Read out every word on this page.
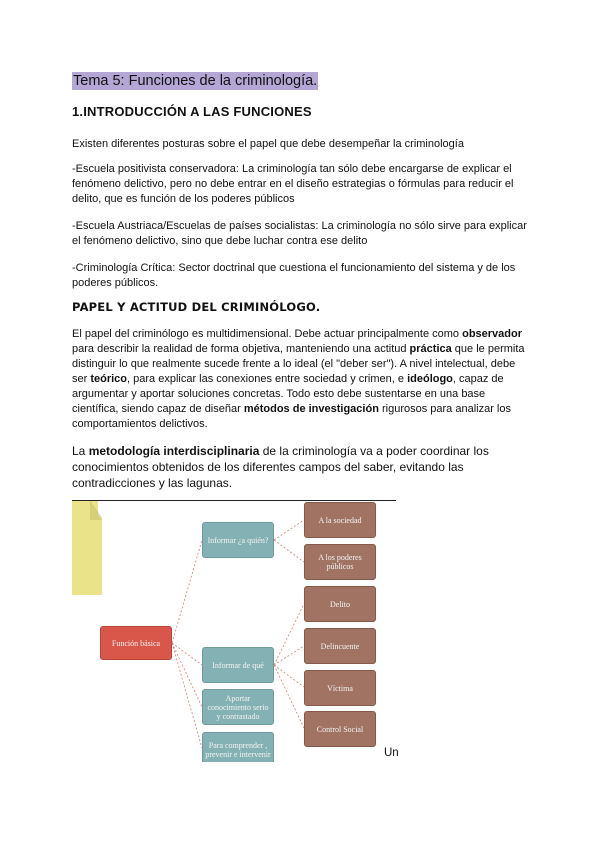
Tema 5: Funciones de la criminología.
1.INTRODUCCIÓN A LAS FUNCIONES

Existen diferentes posturas sobre el papel que debe desempeñar la criminología

-Escuela positivista conservadora: La criminología tan sólo debe encargarse de explicar el fenómeno delictivo, pero no debe entrar en el diseño estrategias o fórmulas para reducir el delito, que es función de los poderes públicos

-Escuela Austriaca/Escuelas de países socialistas: La criminología no sólo sirve para explicar el fenómeno delictivo, sino que debe luchar contra ese delito

-Criminología Crítica: Sector doctrinal que cuestiona el funcionamiento del sistema y de los poderes públicos.

PAPEL Y ACTITUD DEL CRIMINÓLOGO.

El papel del criminólogo es multidimensional. Debe actuar principalmente como observador para describir la realidad de forma objetiva, manteniendo una actitud práctica que le permita distinguir lo que realmente sucede frente a lo ideal (el "deber ser"). A nivel intelectual, debe ser teórico, para explicar las conexiones entre sociedad y crimen, e ideólogo, capaz de argumentar y aportar soluciones concretas. Todo esto debe sustentarse en una base científica, siendo capaz de diseñar métodos de investigación rigurosos para analizar los comportamientos delictivos.

La metodología interdisciplinaria de la criminología va a poder coordinar los conocimientos obtenidos de los diferentes campos del saber, evitando las contradicciones y las lagunas.

Función básica
Informar ¿a quién?
Informar de qué
Aportar conocimiento serio y contrastado
Para comprender , prevenir e intervenir
A la sociedad
A los poderes públicos
Delito
Delincuente
Víctima
Control Social
Un
